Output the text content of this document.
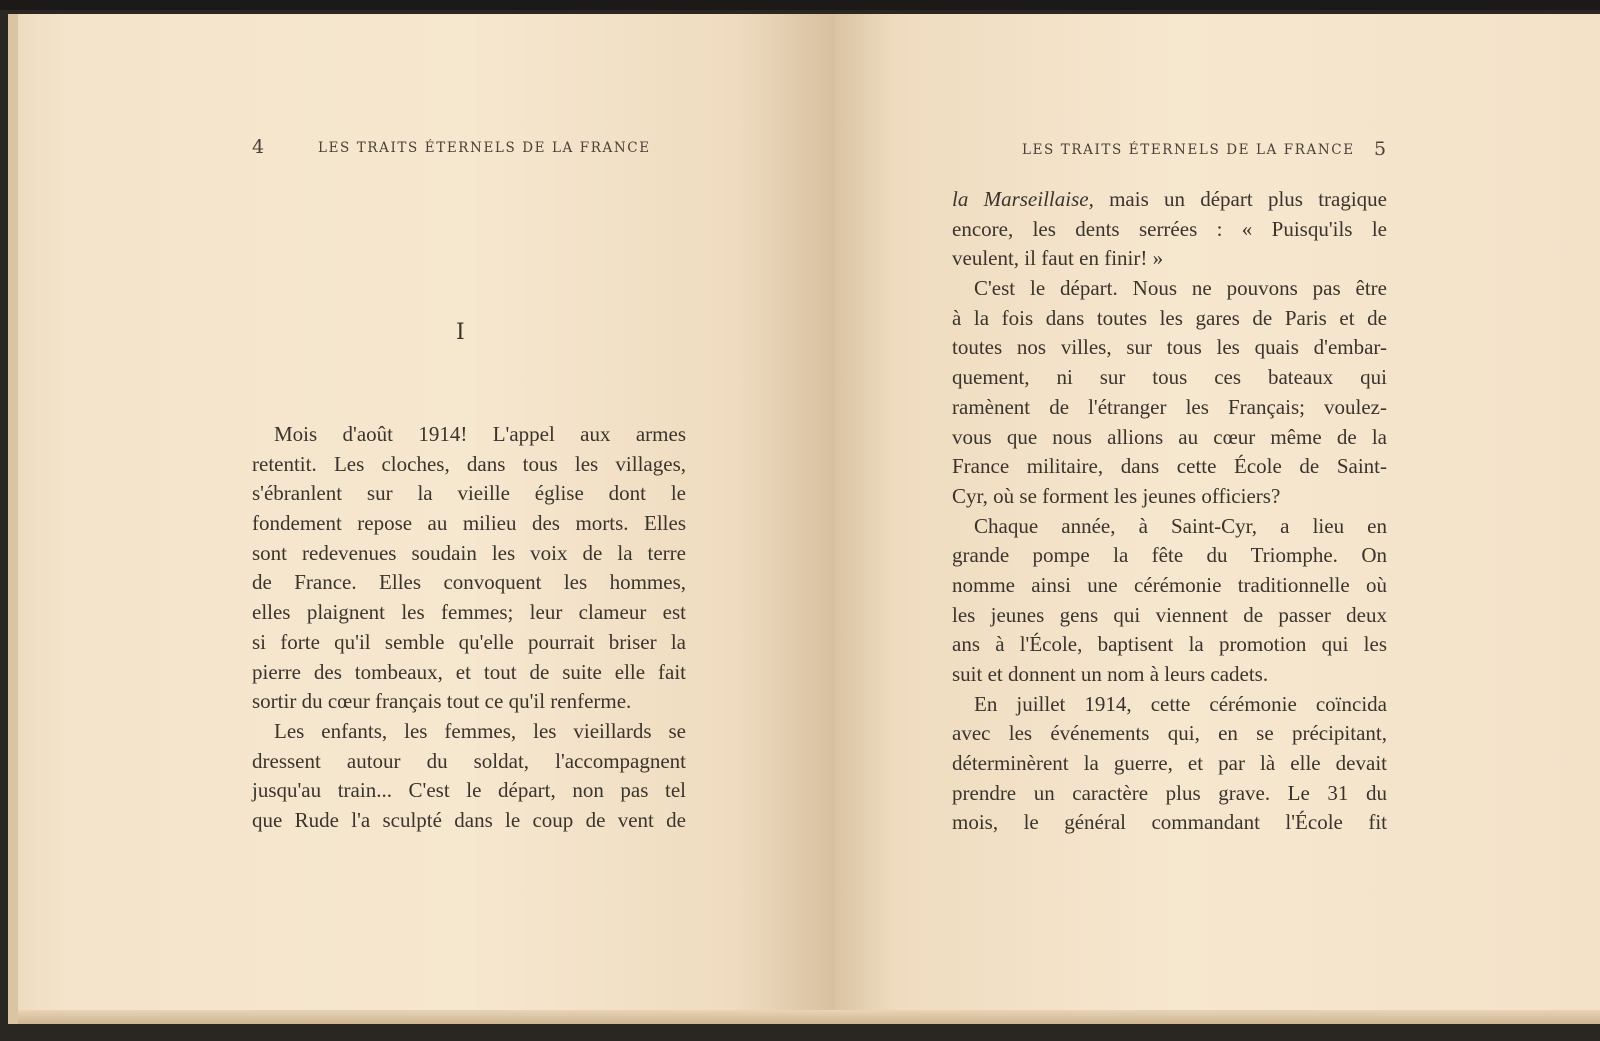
4	LES TRAITS ÉTERNELS DE LA FRANCE
I
Mois d'août 1914! L'appel aux armes
retentit. Les cloches, dans tous les villages,
s'ébranlent sur la vieille église dont le
fondement repose au milieu des morts. Elles
sont redevenues soudain les voix de la terre
de France. Elles convoquent les hommes,
elles plaignent les femmes; leur clameur est
si forte qu'il semble qu'elle pourrait briser la
pierre des tombeaux, et tout de suite elle fait
sortir du cœur français tout ce qu'il renferme.
Les enfants, les femmes, les vieillards se
dressent autour du soldat, l'accompagnent
jusqu'au train... C'est le départ, non pas tel
que Rude l'a sculpté dans le coup de vent de
LES TRAITS ÉTERNELS DE LA FRANCE 5
la Marseillaise, mais un départ plus tragique
encore, les dents serrées : « Puisqu'ils le
veulent, il faut en finir! »
C'est le départ. Nous ne pouvons pas être
à la fois dans toutes les gares de Paris et de
toutes nos villes, sur tous les quais d'embar-
quement, ni sur tous ces bateaux qui
ramènent de l'étranger les Français; voulez-
vous que nous allions au cœur même de la
France militaire, dans cette École de Saint-
Cyr, où se forment les jeunes officiers?
Chaque année, à Saint-Cyr, a lieu en
grande pompe la fête du Triomphe. On
nomme ainsi une cérémonie traditionnelle où
les jeunes gens qui viennent de passer deux
ans à l'École, baptisent la promotion qui les
suit et donnent un nom à leurs cadets.
En juillet 1914, cette cérémonie coïncida
avec les événements qui, en se précipitant,
déterminèrent la guerre, et par là elle devait
prendre un caractère plus grave. Le 31 du
mois, le général commandant l'École fit
